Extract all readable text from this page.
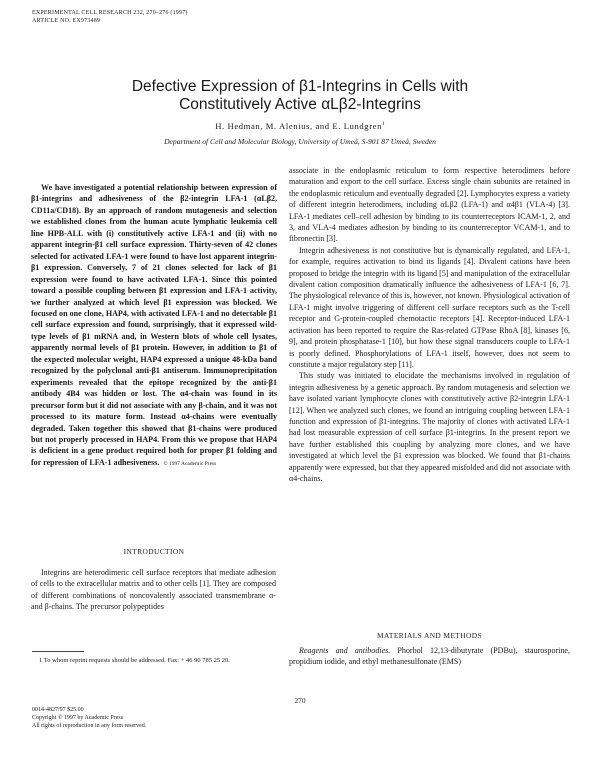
EXPERIMENTAL CELL RESEARCH 232, 270–276 (1997)
ARTICLE NO. EX973489
Defective Expression of β1-Integrins in Cells with
Constitutively Active αLβ2-Integrins
H. Hedman, M. Alenius, and E. Lundgren$^1$
Department of Cell and Molecular Biology, University of Umeå, S-901 87 Umeå, Sweden

We have investigated a potential relationship between expression of β1-integrins and adhesiveness of the β2-integrin LFA-1 (αLβ2, CD11a/CD18). By an approach of random mutagenesis and selection we established clones from the human acute lymphatic leukemia cell line HPB-ALL with (i) constitutively active LFA-1 and (ii) with no apparent integrin-β1 cell surface expression. Thirty-seven of 42 clones selected for activated LFA-1 were found to have lost apparent integrin-β1 expression. Conversely, 7 of 21 clones selected for lack of β1 expression were found to have activated LFA-1. Since this pointed toward a possible coupling between β1 expression and LFA-1 activity, we further analyzed at which level β1 expression was blocked. We focused on one clone, HAP4, with activated LFA-1 and no detectable β1 cell surface expression and found, surprisingly, that it expressed wild-type levels of β1 mRNA and, in Western blots of whole cell lysates, apparently normal levels of β1 protein. However, in addition to β1 of the expected molecular weight, HAP4 expressed a unique 48-kDa band recognized by the polyclonal anti-β1 antiserum. Immunoprecipitation experiments revealed that the epitope recognized by the anti-β1 antibody 4B4 was hidden or lost. The α4-chain was found in its precursor form but it did not associate with any β-chain, and it was not processed to its mature form. Instead α4-chains were eventually degraded. Taken together this showed that β1-chains were produced but not properly processed in HAP4. From this we propose that HAP4 is deficient in a gene product required both for proper β1 folding and for repression of LFA-1 adhesiveness. © 1997 Academic Press

INTRODUCTION

Integrins are heterodimeric cell surface receptors that mediate adhesion of cells to the extracellular matrix and to other cells [1]. They are composed of different combinations of noncovalently associated transmembrane α- and β-chains. The precursor polypeptides

1 To whom reprint requests should be addressed. Fax: + 46 90 785 25 20.

associate in the endoplasmic reticulum to form respective heterodimers before maturation and export to the cell surface. Excess single chain subunits are retained in the endoplasmic reticulum and eventually degraded [2]. Lymphocytes express a variety of different integrin heterodimers, including αLβ2 (LFA-1) and α4β1 (VLA-4) [3]. LFA-1 mediates cell–cell adhesion by binding to its counterreceptors ICAM-1, 2, and 3, and VLA-4 mediates adhesion by binding to its counterreceptor VCAM-1, and to fibronectin [3].

Integrin adhesiveness is not constitutive but is dynamically regulated, and LFA-1, for example, requires activation to bind its ligands [4]. Divalent cations have been proposed to bridge the integrin with its ligand [5] and manipulation of the extracellular divalent cation composition dramatically influence the adhesiveness of LFA-1 [6, 7]. The physiological relevance of this is, however, not known. Physiological activation of LFA-1 might involve triggering of different cell surface receptors such as the T-cell receptor and G-protein-coupled chemotactic receptors [4]. Receptor-induced LFA-1 activation has been reported to require the Ras-related GTPase RhoA [8], kinases [6, 9], and protein phosphatase-1 [10], but how these signal transducers couple to LFA-1 is poorly defined. Phosphorylations of LFA-1 itself, however, does not seem to constitute a major regulatory step [11].

This study was initiated to elucidate the mechanisms involved in regulation of integrin adhesiveness by a genetic approach. By random mutagenesis and selection we have isolated variant lymphocyte clones with constitutively active β2-integrin LFA-1 [12]. When we analyzed such clones, we found an intriguing coupling between LFA-1 function and expression of β1-integrins. The majority of clones with activated LFA-1 had lost measurable expression of cell surface β1-integrins. In the present report we have further established this coupling by analyzing more clones, and we have investigated at which level the β1 expression was blocked. We found that β1-chains apparently were expressed, but that they appeared misfolded and did not associate with α4-chains.

MATERIALS AND METHODS

Reagents and antibodies. Phorbol 12,13-dibutyrate (PDBu), staurosporine, propidium iodide, and ethyl methanesulfonate (EMS)

270
0014-4827/97 $25.00
Copyright © 1997 by Academic Press
All rights of reproduction in any form reserved.
